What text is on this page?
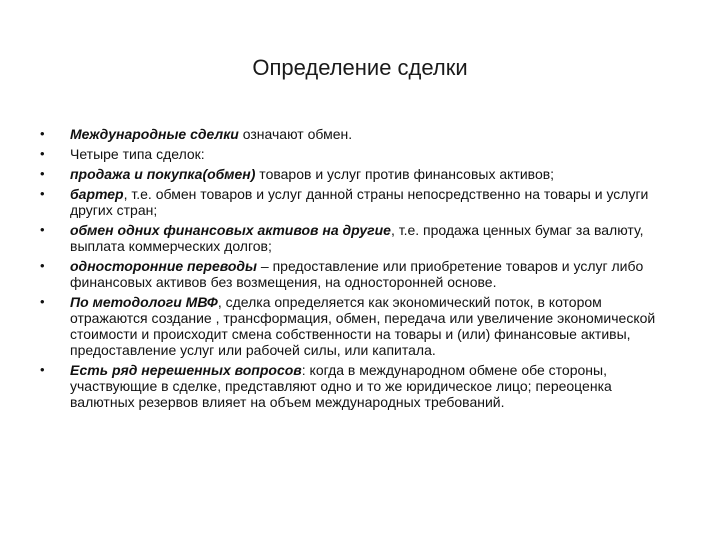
Определение сделки
•	Международные сделки означают обмен.
•	Четыре типа сделок:
•	продажа и покупка(обмен) товаров и услуг против финансовых активов;
•	бартер, т.е. обмен товаров и услуг данной страны непосредственно на товары и услуги других стран;
•	обмен одних финансовых активов на другие, т.е. продажа ценных бумаг за валюту, выплата коммерческих долгов;
•	односторонние переводы – предоставление или приобретение товаров и услуг либо финансовых активов без возмещения, на односторонней основе.
•	По методологи МВФ, сделка определяется как экономический поток, в котором отражаются создание , трансформация, обмен, передача или увеличение экономической стоимости и происходит смена собственности на товары и (или) финансовые активы, предоставление услуг или рабочей силы, или капитала.
•	Есть ряд нерешенных вопросов: когда в международном обмене обе стороны, участвующие в сделке, представляют одно и то же юридическое лицо; переоценка валютных резервов влияет на объем международных требований.
